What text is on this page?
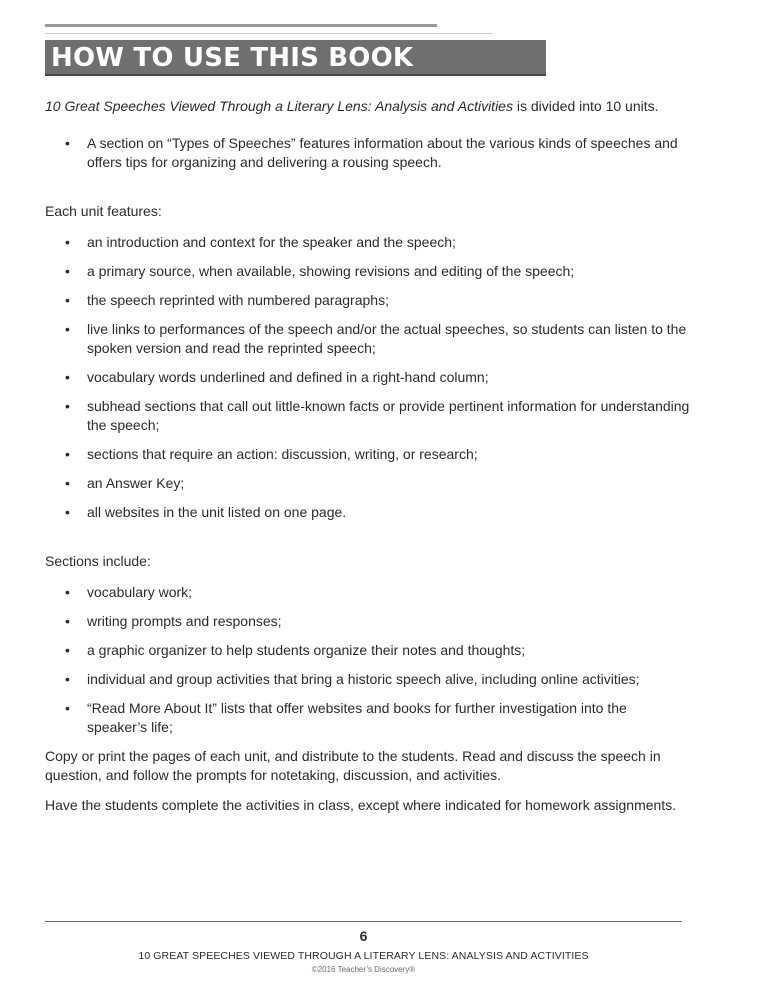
HOW TO USE THIS BOOK

10 Great Speeches Viewed Through a Literary Lens: Analysis and Activities is divided into 10 units.

• A section on “Types of Speeches” features information about the various kinds of speeches and offers tips for organizing and delivering a rousing speech.

Each unit features:

• an introduction and context for the speaker and the speech;
• a primary source, when available, showing revisions and editing of the speech;
• the speech reprinted with numbered paragraphs;
• live links to performances of the speech and/or the actual speeches, so students can listen to the spoken version and read the reprinted speech;
• vocabulary words underlined and defined in a right-hand column;
• subhead sections that call out little-known facts or provide pertinent information for understanding the speech;
• sections that require an action: discussion, writing, or research;
• an Answer Key;
• all websites in the unit listed on one page.

Sections include:

• vocabulary work;
• writing prompts and responses;
• a graphic organizer to help students organize their notes and thoughts;
• individual and group activities that bring a historic speech alive, including online activities;
• “Read More About It” lists that offer websites and books for further investigation into the speaker’s life;

Copy or print the pages of each unit, and distribute to the students. Read and discuss the speech in question, and follow the prompts for notetaking, discussion, and activities.

Have the students complete the activities in class, except where indicated for homework assignments.

6
10 GREAT SPEECHES VIEWED THROUGH A LITERARY LENS: ANALYSIS AND ACTIVITIES
©2016 Teacher’s Discovery®
